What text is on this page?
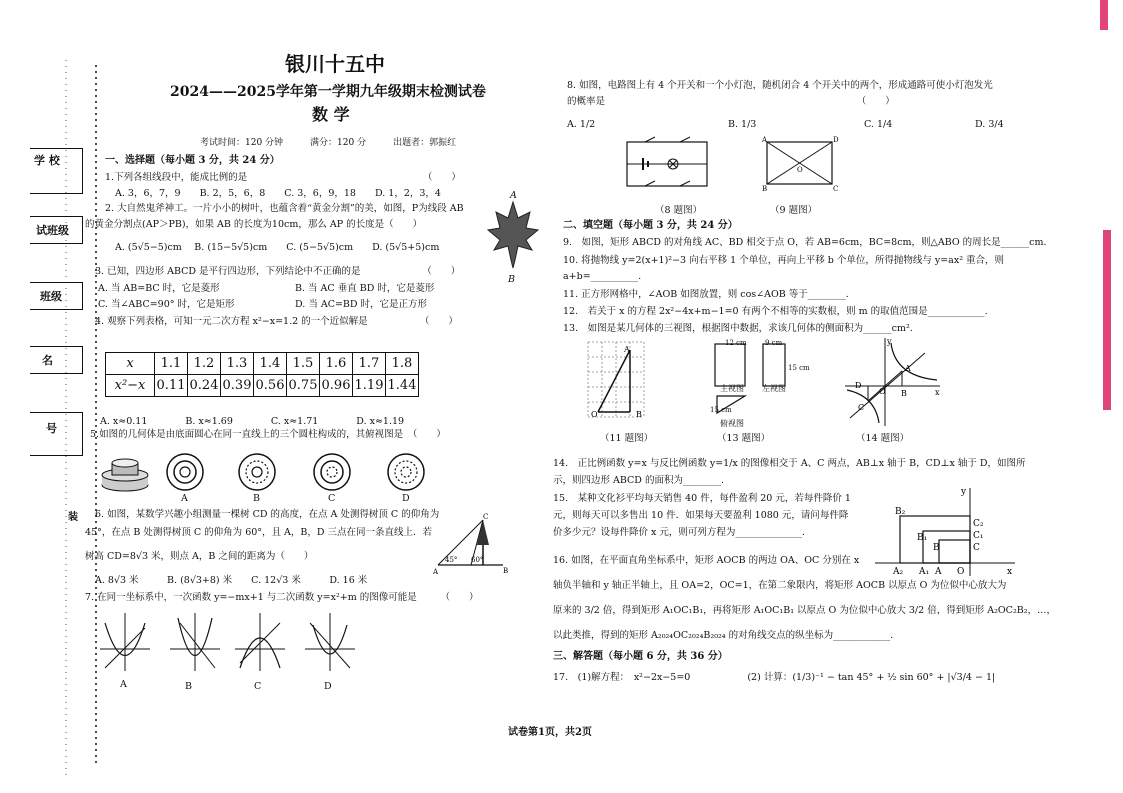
银川十五中
2024——2025学年第一学期九年级期末检测试卷
数 学
考试时间：120 分钟　　　满分：120 分　　　出题者：郭振红
学 校
试班级
班级
名
号
装
一、选择题（每小题 3 分，共 24 分）
1.下列各组线段中，能成比例的是　　　　　　　　　　　　　　　　　　　（　　）
A. 3，6，7，9　　B. 2，5，6，8　　C. 3，6，9，18　　D. 1，2，3，4
2. 大自然鬼斧神工。一片小小的树叶，也蕴含着“黄金分割”的美，如图，P为线段 AB
的黄金分割点(AP＞PB)，如果 AB 的长度为10cm，那么 AP 的长度是（　　）
A. (5√5−5)cm　 B. (15−5√5)cm　　C. (5−5√5)cm　　D. (5√5+5)cm
A
B
3. 已知，四边形 ABCD 是平行四边形，下列结论中不正确的是　　　　　　　（　　）
A. 当 AB=BC 时，它是菱形	B. 当 AC 垂直 BD 时，它是菱形
C. 当∠ABC=90° 时，它是矩形	D. 当 AC=BD 时，它是正方形
4. 观察下列表格，可知一元二次方程 x²−x=1.2 的一个近似解是　　　　　　（　　）
x	1.1	1.2	1.3	1.4	1.5	1.6	1.7	1.8
x²−x	0.11	0.24	0.39	0.56	0.75	0.96	1.19	1.44
A. x≈0.11　　　　B. x≈1.69　　　　C. x≈1.71　　　　D. x≈1.19
5.如图的几何体是由底面圆心在同一直线上的三个圆柱构成的，其俯视图是　（　　）
A	B	C	D
6. 如图，某数学兴趣小组测量一棵树 CD 的高度，在点 A 处测得树顶 C 的仰角为
45°，在点 B 处测得树顶 C 的仰角为 60°，且 A，B，D 三点在同一条直线上．若
树高 CD=8√3 米，则点 A，B 之间的距离为（　　）
A. 8√3 米　　　B. (8√3+8) 米　　C. 12√3 米　　　D. 16 米
A
45° 60°
C
B
7. 在同一坐标系中，一次函数 y=−mx+1 与二次函数 y=x²+m 的图像可能是　　　（　　）
A	B	C	D
8. 如图，电路图上有 4 个开关和一个小灯泡，随机闭合 4 个开关中的两个，形成通路可使小灯泡发光
的概率是　　　　　　　　　　　　　　　　　　　　　　　　　　　（　　）
A. 1/2	B. 1/3	C. 1/4	D. 3/4
A	D
B	C
O
（8 题图）	（9 题图）
二、填空题（每小题 3 分，共 24 分）
9.　如图，矩形 ABCD 的对角线 AC、BD 相交于点 O，若 AB=6cm，BC=8cm，则△ABO 的周长是______cm.
10. 将抛物线 y=2(x+1)²−3 向右平移 1 个单位，再向上平移 b 个单位，所得抛物线与 y=ax² 重合，则
a+b=__________.
11. 正方形网格中，∠AOB 如图放置，则 cos∠AOB 等于________.
12.　若关于 x 的方程 2x²−4x+m−1=0 有两个不相等的实数根，则 m 的取值范围是____________.
13.　如图是某几何体的三视图，根据图中数据，求该几何体的侧面积为______cm².
A
O	B
（11 题图）
12 cm	9 cm
15 cm
主视图 左视图
15 cm
俯视图
（13 题图）
A
B
D
C
O	x
y
（14 题图）
14.　正比例函数 y=x 与反比例函数 y=1/x 的图像相交于 A、C 两点，AB⊥x 轴于 B，CD⊥x 轴于 D，如图所
示，则四边形 ABCD 的面积为________.
15.　某种文化衫平均每天销售 40 件，每件盈利 20 元，若每件降价 1
元，则每天可以多售出 10 件．如果每天要盈利 1080 元，请问每件降
价多少元？设每件降价 x 元，则可列方程为______________.
B₂
B₁
B
C₂
C₁
C
A₂ A₁ A O	x
y
16. 如图，在平面直角坐标系中，矩形 AOCB 的两边 OA、OC 分别在 x
轴负半轴和 y 轴正半轴上，且 OA=2，OC=1，在第二象限内，将矩形 AOCB 以原点 O 为位似中心放大为
原来的 3/2 倍，得到矩形 A₁OC₁B₁，再将矩形 A₁OC₁B₁ 以原点 O 为位似中心放大 3/2 倍，得到矩形 A₂OC₂B₂，…，
以此类推，得到的矩形 A₂₀₂₄OC₂₀₂₄B₂₀₂₄ 的对角线交点的纵坐标为____________.
三、解答题（每小题 6 分，共 36 分）
17.　(1)解方程：　x²−2x−5=0　　　　　　(2) 计算：(1/3)⁻¹ − tan 45° + ½ sin 60° + |√3/4 − 1|
试卷第1页，共2页
